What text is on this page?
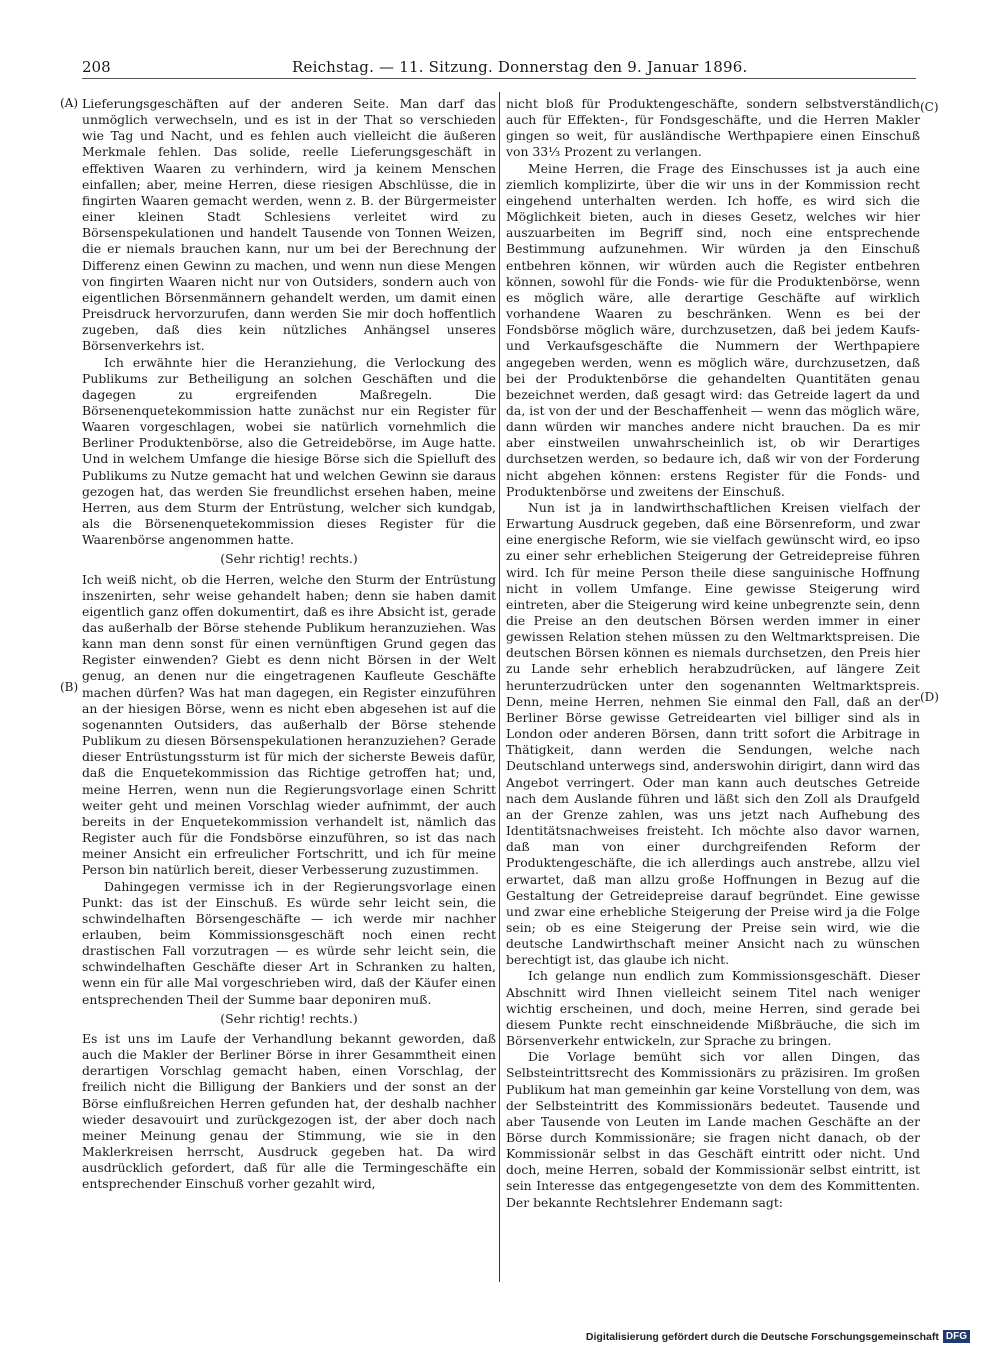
208	Reichstag. — 11. Sitzung. Donnerstag den 9. Januar 1896.
(A)
(B)
(C)
(D)

Lieferungsgeschäften auf der anderen Seite. Man darf das unmöglich verwechseln, und es ist in der That so verschieden wie Tag und Nacht, und es fehlen auch vielleicht die äußeren Merkmale fehlen. Das solide, reelle Lieferungsgeschäft in effektiven Waaren zu verhindern, wird ja keinem Menschen einfallen; aber, meine Herren, diese riesigen Abschlüsse, die in fingirten Waaren gemacht werden, wenn z. B. der Bürgermeister einer kleinen Stadt Schlesiens verleitet wird zu Börsenspekulationen und handelt Tausende von Tonnen Weizen, die er niemals brauchen kann, nur um bei der Berechnung der Differenz einen Gewinn zu machen, und wenn nun diese Mengen von fingirten Waaren nicht nur von Outsiders, sondern auch von eigentlichen Börsenmännern gehandelt werden, um damit einen Preisdruck hervorzurufen, dann werden Sie mir doch hoffentlich zugeben, daß dies kein nützliches Anhängsel unseres Börsenverkehrs ist.

Ich erwähnte hier die Heranziehung, die Verlockung des Publikums zur Betheiligung an solchen Geschäften und die dagegen zu ergreifenden Maßregeln. Die Börsenenquetekommission hatte zunächst nur ein Register für Waaren vorgeschlagen, wobei sie natürlich vornehmlich die Berliner Produktenbörse, also die Getreidebörse, im Auge hatte. Und in welchem Umfange die hiesige Börse sich die Spielluft des Publikums zu Nutze gemacht hat und welchen Gewinn sie daraus gezogen hat, das werden Sie freundlichst ersehen haben, meine Herren, aus dem Sturm der Entrüstung, welcher sich kundgab, als die Börsenenquetekommission dieses Register für die Waarenbörse angenommen hatte.

(Sehr richtig! rechts.)

Ich weiß nicht, ob die Herren, welche den Sturm der Entrüstung inszenirten, sehr weise gehandelt haben; denn sie haben damit eigentlich ganz offen dokumentirt, daß es ihre Absicht ist, gerade das außerhalb der Börse stehende Publikum heranzuziehen. Was kann man denn sonst für einen vernünftigen Grund gegen das Register einwenden? Giebt es denn nicht Börsen in der Welt genug, an denen nur die eingetragenen Kaufleute Geschäfte machen dürfen? Was hat man dagegen, ein Register einzuführen an der hiesigen Börse, wenn es nicht eben abgesehen ist auf die sogenannten Outsiders, das außerhalb der Börse stehende Publikum zu diesen Börsenspekulationen heranzuziehen? Gerade dieser Entrüstungssturm ist für mich der sicherste Beweis dafür, daß die Enquetekommission das Richtige getroffen hat; und, meine Herren, wenn nun die Regierungsvorlage einen Schritt weiter geht und meinen Vorschlag wieder aufnimmt, der auch bereits in der Enquetekommission verhandelt ist, nämlich das Register auch für die Fondsbörse einzuführen, so ist das nach meiner Ansicht ein erfreulicher Fortschritt, und ich für meine Person bin natürlich bereit, dieser Verbesserung zuzustimmen.

Dahingegen vermisse ich in der Regierungsvorlage einen Punkt: das ist der Einschuß. Es würde sehr leicht sein, die schwindelhaften Börsengeschäfte — ich werde mir nachher erlauben, beim Kommissionsgeschäft noch einen recht drastischen Fall vorzutragen — es würde sehr leicht sein, die schwindelhaften Geschäfte dieser Art in Schranken zu halten, wenn ein für alle Mal vorgeschrieben wird, daß der Käufer einen entsprechenden Theil der Summe baar deponiren muß.

(Sehr richtig! rechts.)

Es ist uns im Laufe der Verhandlung bekannt geworden, daß auch die Makler der Berliner Börse in ihrer Gesammtheit einen derartigen Vorschlag gemacht haben, einen Vorschlag, der freilich nicht die Billigung der Bankiers und der sonst an der Börse einflußreichen Herren gefunden hat, der deshalb nachher wieder desavouirt und zurückgezogen ist, der aber doch nach meiner Meinung genau der Stimmung, wie sie in den Maklerkreisen herrscht, Ausdruck gegeben hat. Da wird ausdrücklich gefordert, daß für alle die Termingeschäfte ein entsprechender Einschuß vorher gezahlt wird,

nicht bloß für Produktengeschäfte, sondern selbstverständlich auch für Effekten-, für Fondsgeschäfte, und die Herren Makler gingen so weit, für ausländische Werthpapiere einen Einschuß von 33⅓ Prozent zu verlangen.

Meine Herren, die Frage des Einschusses ist ja auch eine ziemlich komplizirte, über die wir uns in der Kommission recht eingehend unterhalten werden. Ich hoffe, es wird sich die Möglichkeit bieten, auch in dieses Gesetz, welches wir hier auszuarbeiten im Begriff sind, noch eine entsprechende Bestimmung aufzunehmen. Wir würden ja den Einschuß entbehren können, wir würden auch die Register entbehren können, sowohl für die Fonds- wie für die Produktenbörse, wenn es möglich wäre, alle derartige Geschäfte auf wirklich vorhandene Waaren zu beschränken. Wenn es bei der Fondsbörse möglich wäre, durchzusetzen, daß bei jedem Kaufs- und Verkaufsgeschäfte die Nummern der Werthpapiere angegeben werden, wenn es möglich wäre, durchzusetzen, daß bei der Produktenbörse die gehandelten Quantitäten genau bezeichnet werden, daß gesagt wird: das Getreide lagert da und da, ist von der und der Beschaffenheit — wenn das möglich wäre, dann würden wir manches andere nicht brauchen. Da es mir aber einstweilen unwahrscheinlich ist, ob wir Derartiges durchsetzen werden, so bedaure ich, daß wir von der Forderung nicht abgehen können: erstens Register für die Fonds- und Produktenbörse und zweitens der Einschuß.

Nun ist ja in landwirthschaftlichen Kreisen vielfach der Erwartung Ausdruck gegeben, daß eine Börsenreform, und zwar eine energische Reform, wie sie vielfach gewünscht wird, eo ipso zu einer sehr erheblichen Steigerung der Getreidepreise führen wird. Ich für meine Person theile diese sanguinische Hoffnung nicht in vollem Umfange. Eine gewisse Steigerung wird eintreten, aber die Steigerung wird keine unbegrenzte sein, denn die Preise an den deutschen Börsen werden immer in einer gewissen Relation stehen müssen zu den Weltmarktspreisen. Die deutschen Börsen können es niemals durchsetzen, den Preis hier zu Lande sehr erheblich herabzudrücken, auf längere Zeit herunterzudrücken unter den sogenannten Weltmarktspreis. Denn, meine Herren, nehmen Sie einmal den Fall, daß an der Berliner Börse gewisse Getreidearten viel billiger sind als in London oder anderen Börsen, dann tritt sofort die Arbitrage in Thätigkeit, dann werden die Sendungen, welche nach Deutschland unterwegs sind, anderswohin dirigirt, dann wird das Angebot verringert. Oder man kann auch deutsches Getreide nach dem Auslande führen und läßt sich den Zoll als Draufgeld an der Grenze zahlen, was uns jetzt nach Aufhebung des Identitätsnachweises freisteht. Ich möchte also davor warnen, daß man von einer durchgreifenden Reform der Produktengeschäfte, die ich allerdings auch anstrebe, allzu viel erwartet, daß man allzu große Hoffnungen in Bezug auf die Gestaltung der Getreidepreise darauf begründet. Eine gewisse und zwar eine erhebliche Steigerung der Preise wird ja die Folge sein; ob es eine Steigerung der Preise sein wird, wie die deutsche Landwirthschaft meiner Ansicht nach zu wünschen berechtigt ist, das glaube ich nicht.

Ich gelange nun endlich zum Kommissionsgeschäft. Dieser Abschnitt wird Ihnen vielleicht seinem Titel nach weniger wichtig erscheinen, und doch, meine Herren, sind gerade bei diesem Punkte recht einschneidende Mißbräuche, die sich im Börsenverkehr entwickeln, zur Sprache zu bringen.

Die Vorlage bemüht sich vor allen Dingen, das Selbsteintrittsrecht des Kommissionärs zu präzisiren. Im großen Publikum hat man gemeinhin gar keine Vorstellung von dem, was der Selbsteintritt des Kommissionärs bedeutet. Tausende und aber Tausende von Leuten im Lande machen Geschäfte an der Börse durch Kommissionäre; sie fragen nicht danach, ob der Kommissionär selbst in das Geschäft eintritt oder nicht. Und doch, meine Herren, sobald der Kommissionär selbst eintritt, ist sein Interesse das entgegengesetzte von dem des Kommittenten. Der bekannte Rechtslehrer Endemann sagt:

Digitalisierung gefördert durch die Deutsche Forschungsgemeinschaft DFG
